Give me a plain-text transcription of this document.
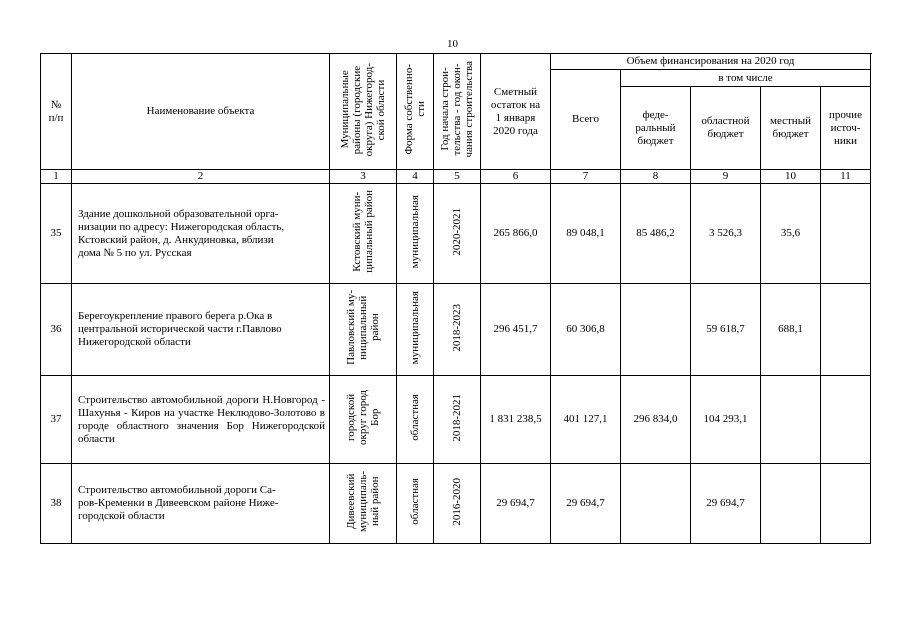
10
№
п/п	Наименование объекта	Муниципальные
районы (городские
округа) Нижегород-
ской области	Форма собственно-
сти	Год начала строи-
тельства - год окон-
чания строительства	Сметный
остаток на
1 января
2020 года	Объем финансирования на 2020 год				
						Всего	в том числе			
							феде-
ральный
бюджет	областной
бюджет	местный
бюджет	прочие
источ-
ники
1	2	3	4	5	6	7	8	9	10	11
35	Здание дошкольной образовательной орга-
низации по адресу: Нижегородская область,
Кстовский район, д. Анкудиновка, вблизи
дома № 5 по ул. Русская	Кстовский муни-
ципальный район	муниципальная	2020-2021	265 866,0	89 048,1	85 486,2	3 526,3	35,6	
36	Берегоукрепление правого берега р.Ока в
центральной исторической части г.Павлово
Нижегородской области	Павловский му-
ниципальный
район	муниципальная	2018-2023	296 451,7	60 306,8		59 618,7	688,1	
37	Строительство автомобильной дороги Н.Новгород - Шахунья - Киров на участке Неклюдово-Золотово в городе областного значения Бор Нижегородской области	городской
округ город
Бор	областная	2018-2021	1 831 238,5	401 127,1	296 834,0	104 293,1		
38	Строительство автомобильной дороги Са-
ров-Кременки в Дивеевском районе Ниже-
городской области	Дивеевский
муниципаль-
ный район	областная	2016-2020	29 694,7	29 694,7		29 694,7		
